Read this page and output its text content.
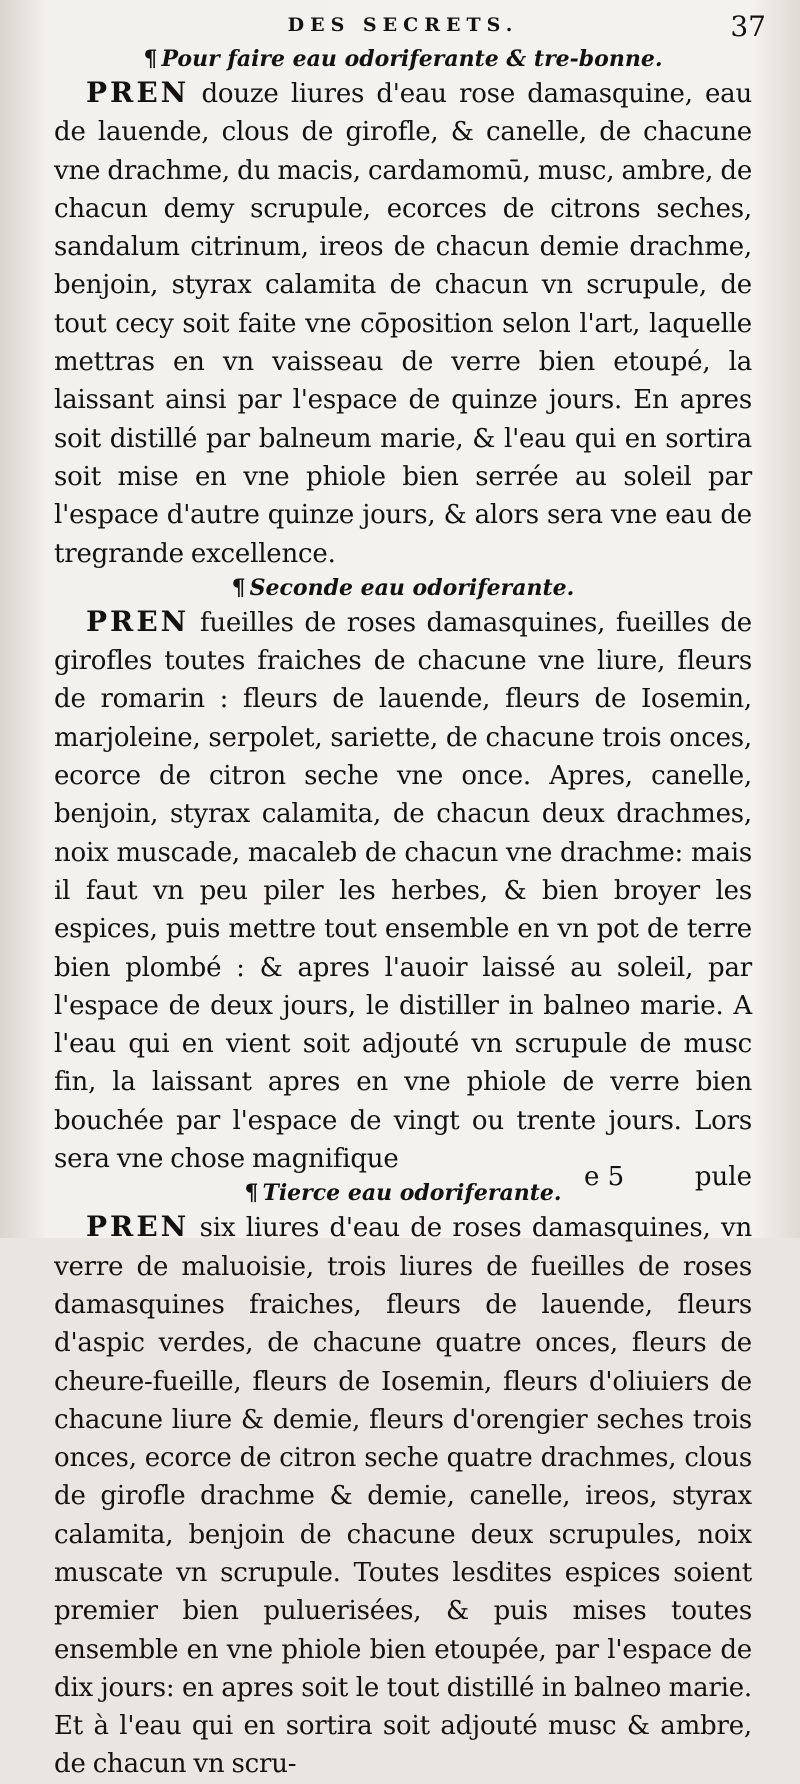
DES SECRETS.	37

¶ Pour faire eau odoriferante & tre-bonne.

PREN douze liures d'eau rose damasquine, eau de lauende, clous de girofle, & canelle, de chacune vne drachme, du macis, cardamomū, musc, ambre, de chacun demy scrupule, ecorces de citrons seches, sandalum citrinum, ireos de chacun demie drachme, benjoin, styrax calamita de chacun vn scrupule, de tout cecy soit faite vne cōposition selon l'art, laquelle mettras en vn vaisseau de verre bien etoupé, la laissant ainsi par l'espace de quinze jours. En apres soit distillé par balneum marie, & l'eau qui en sortira soit mise en vne phiole bien serrée au soleil par l'espace d'autre quinze jours, & alors sera vne eau de tregrande excellence.

¶ Seconde eau odoriferante.

PREN fueilles de roses damasquines, fueilles de girofles toutes fraiches de chacune vne liure, fleurs de romarin : fleurs de lauende, fleurs de Iosemin, marjoleine, serpolet, sariette, de chacune trois onces, ecorce de citron seche vne once. Apres, canelle, benjoin, styrax calamita, de chacun deux drachmes, noix muscade, macaleb de chacun vne drachme: mais il faut vn peu piler les herbes, & bien broyer les espices, puis mettre tout ensemble en vn pot de terre bien plombé : & apres l'auoir laissé au soleil, par l'espace de deux jours, le distiller in balneo marie. A l'eau qui en vient soit adjouté vn scrupule de musc fin, la laissant apres en vne phiole de verre bien bouchée par l'espace de vingt ou trente jours. Lors sera vne chose magnifique

¶ Tierce eau odoriferante.

PREN six liures d'eau de roses damasquines, vn verre de maluoisie, trois liures de fueilles de roses damasquines fraiches, fleurs de lauende, fleurs d'aspic verdes, de chacune quatre onces, fleurs de cheure-fueille, fleurs de Iosemin, fleurs d'oliuiers de chacune liure & demie, fleurs d'orengier seches trois onces, ecorce de citron seche quatre drachmes, clous de girofle drachme & demie, canelle, ireos, styrax calamita, benjoin de chacune deux scrupules, noix muscate vn scrupule. Toutes lesdites espices soient premier bien puluerisées, & puis mises toutes ensemble en vne phiole bien etoupée, par l'espace de dix jours: en apres soit le tout distillé in balneo marie. Et à l'eau qui en sortira soit adjouté musc & ambre, de chacun vn scru-

e 5	pule
